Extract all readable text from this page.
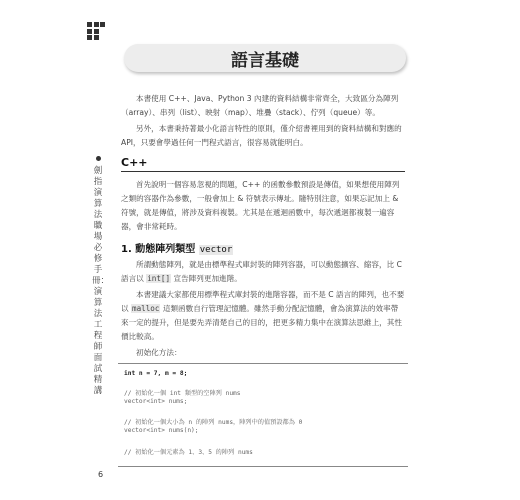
劍指演算法職場必修手冊：演算法工程師面試精講
語言基礎

本書使用 C++、Java、Python 3 內建的資料結構非常齊全，大致區分為陣列（array）、串列（list）、映射（map）、堆疊（stack）、佇列（queue）等。

另外，本書秉持著最小化語言特性的原則，僅介紹書裡用到的資料結構和對應的 API，只要會學過任何一門程式語言，很容易就能明白。

C++

首先說明一個容易忽視的問題，C++ 的函數參數預設是傳值，如果想使用陣列之類的容器作為參數，一般會加上 & 符號表示傳址。隨特別注意，如果忘記加上 & 符號，就是傳值，將涉及資料複製。尤其是在遞迴函數中，每次遞迴都複製一遍容器，會非常耗時。

1. 動態陣列類型 vector

所謂動態陣列，就是由標準程式庫封裝的陣列容器，可以動態擴容、縮容，比 C 語言以 int[] 宣告陣列更加進階。

本書建議大家都使用標準程式庫封裝的進階容器，而不是 C 語言的陣列，也不要以 malloc 這類函數自行管理記憶體。雖然手動分配記憶體，會為演算法的效率帶來一定的提升，但是要先弄清楚自己的目的，把更多精力集中在演算法思維上，其性價比較高。

初始化方法：

int n = 7, m = 8;
// 初始化一個 int 類型的空陣列 nums
vector<int> nums;
// 初始化一個大小為 n 的陣列 nums，陣列中的值預設都為 0
vector<int> nums(n);
// 初始化一個元素為 1、3、5 的陣列 nums
6
